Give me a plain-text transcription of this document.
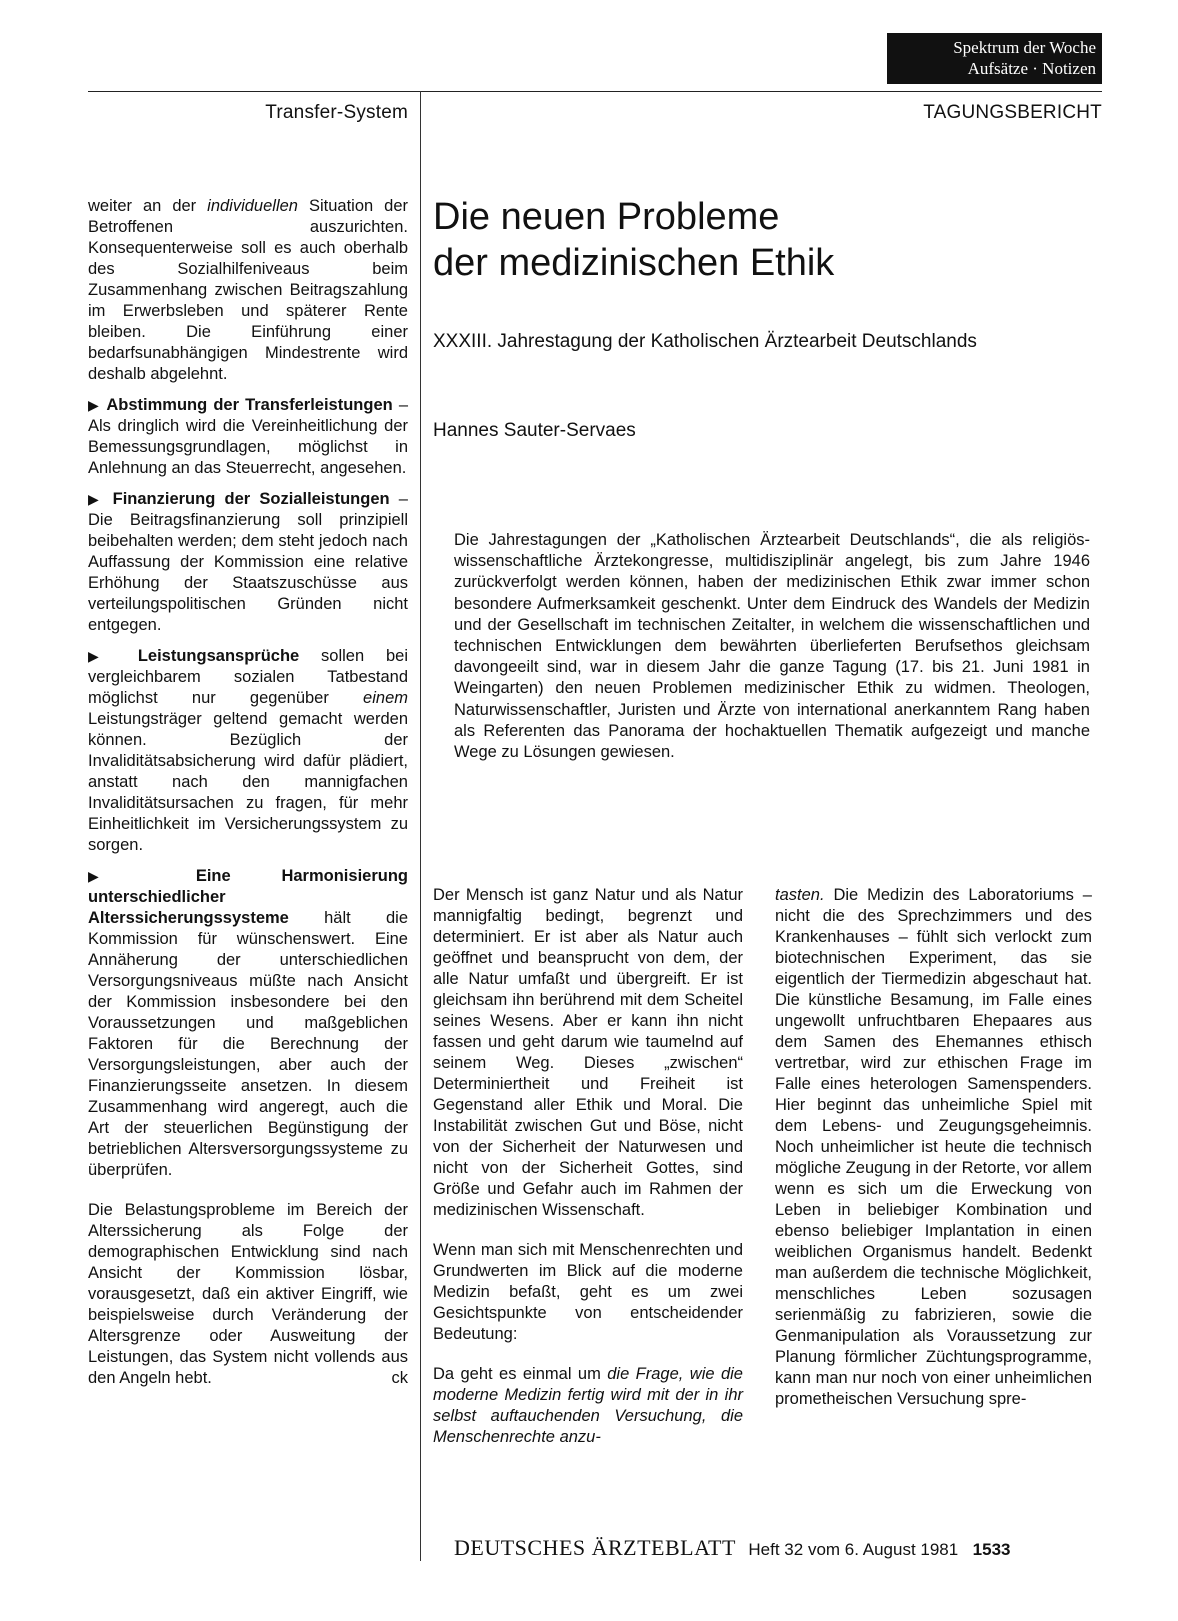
Spektrum der Woche
Aufsätze · Notizen
Transfer-System	TAGUNGSBERICHT
Die neuen Probleme
der medizinischen Ethik
XXXIII. Jahrestagung der Katholischen Ärztearbeit Deutschlands
Hannes Sauter-Servaes

Die Jahrestagungen der „Katholischen Ärztearbeit Deutschlands“, die als religiös-wissenschaftliche Ärztekongresse, multidisziplinär angelegt, bis zum Jahre 1946 zurückverfolgt werden können, haben der medizinischen Ethik zwar immer schon besondere Aufmerksamkeit geschenkt. Unter dem Eindruck des Wandels der Medizin und der Gesellschaft im technischen Zeitalter, in welchem die wissenschaftlichen und technischen Entwicklungen dem bewährten überlieferten Berufsethos gleichsam davongeeilt sind, war in diesem Jahr die ganze Tagung (17. bis 21. Juni 1981 in Weingarten) den neuen Problemen medizinischer Ethik zu widmen. Theologen, Naturwissenschaftler, Juristen und Ärzte von international anerkanntem Rang haben als Referenten das Panorama der hochaktuellen Thematik aufgezeigt und manche Wege zu Lösungen gewiesen.

weiter an der individuellen Situation der Betroffenen auszurichten. Konsequenterweise soll es auch oberhalb des Sozialhilfeniveaus beim Zusammenhang zwischen Beitragszahlung im Erwerbsleben und späterer Rente bleiben. Die Einführung einer bedarfsunabhängigen Mindestrente wird deshalb abgelehnt.

▶ Abstimmung der Transferleistungen – Als dringlich wird die Vereinheitlichung der Bemessungsgrundlagen, möglichst in Anlehnung an das Steuerrecht, angesehen.

▶ Finanzierung der Sozialleistungen – Die Beitragsfinanzierung soll prinzipiell beibehalten werden; dem steht jedoch nach Auffassung der Kommission eine relative Erhöhung der Staatszuschüsse aus verteilungspolitischen Gründen nicht entgegen.

▶ Leistungsansprüche sollen bei vergleichbarem sozialen Tatbestand möglichst nur gegenüber einem Leistungsträger geltend gemacht werden können. Bezüglich der Invaliditätsabsicherung wird dafür plädiert, anstatt nach den mannigfachen Invaliditätsursachen zu fragen, für mehr Einheitlichkeit im Versicherungssystem zu sorgen.

▶	Eine Harmonisierung unterschiedlicher Alterssicherungssysteme hält die Kommission für wünschenswert. Eine Annäherung der unterschiedlichen Versorgungsniveaus müßte nach Ansicht der Kommission insbesondere bei den Voraussetzungen und maßgeblichen Faktoren für die Berechnung der Versorgungsleistungen, aber auch der Finanzierungsseite ansetzen. In diesem Zusammenhang wird angeregt, auch die Art der steuerlichen Begünstigung der betrieblichen Altersversorgungssysteme zu überprüfen.

Die Belastungsprobleme im Bereich der Alterssicherung als Folge der demographischen Entwicklung sind nach Ansicht der Kommission lösbar, vorausgesetzt, daß ein aktiver Eingriff, wie beispielsweise durch Veränderung der Altersgrenze oder Ausweitung der Leistungen, das System nicht vollends aus den Angeln hebt.	ck

Der Mensch ist ganz Natur und als Natur mannigfaltig bedingt, begrenzt und determiniert. Er ist aber als Natur auch geöffnet und beansprucht von dem, der alle Natur umfaßt und übergreift. Er ist gleichsam ihn berührend mit dem Scheitel seines Wesens. Aber er kann ihn nicht fassen und geht darum wie taumelnd auf seinem Weg. Dieses „zwischen“ Determiniertheit und Freiheit ist Gegenstand aller Ethik und Moral. Die Instabilität zwischen Gut und Böse, nicht von der Sicherheit der Naturwesen und nicht von der Sicherheit Gottes, sind Größe und Gefahr auch im Rahmen der medizinischen Wissenschaft.

Wenn man sich mit Menschenrechten und Grundwerten im Blick auf die moderne Medizin befaßt, geht es um zwei Gesichtspunkte von entscheidender Bedeutung:

Da geht es einmal um die Frage, wie die moderne Medizin fertig wird mit der in ihr selbst auftauchenden Versuchung, die Menschenrechte anzu-

tasten. Die Medizin des Laboratoriums – nicht die des Sprechzimmers und des Krankenhauses – fühlt sich verlockt zum biotechnischen Experiment, das sie eigentlich der Tiermedizin abgeschaut hat. Die künstliche Besamung, im Falle eines ungewollt unfruchtbaren Ehepaares aus dem Samen des Ehemannes ethisch vertretbar, wird zur ethischen Frage im Falle eines heterologen Samenspenders. Hier beginnt das unheimliche Spiel mit dem Lebens- und Zeugungsgeheimnis. Noch unheimlicher ist heute die technisch mögliche Zeugung in der Retorte, vor allem wenn es sich um die Erweckung von Leben in beliebiger Kombination und ebenso beliebiger Implantation in einen weiblichen Organismus handelt. Bedenkt man außerdem die technische Möglichkeit, menschliches Leben sozusagen serienmäßig zu fabrizieren, sowie die Genmanipulation als Voraussetzung zur Planung förmlicher Züchtungsprogramme, kann man nur noch von einer unheimlichen prometheischen Versuchung spre-

DEUTSCHES ÄRZTEBLATT Heft 32 vom 6. August 1981 1533
